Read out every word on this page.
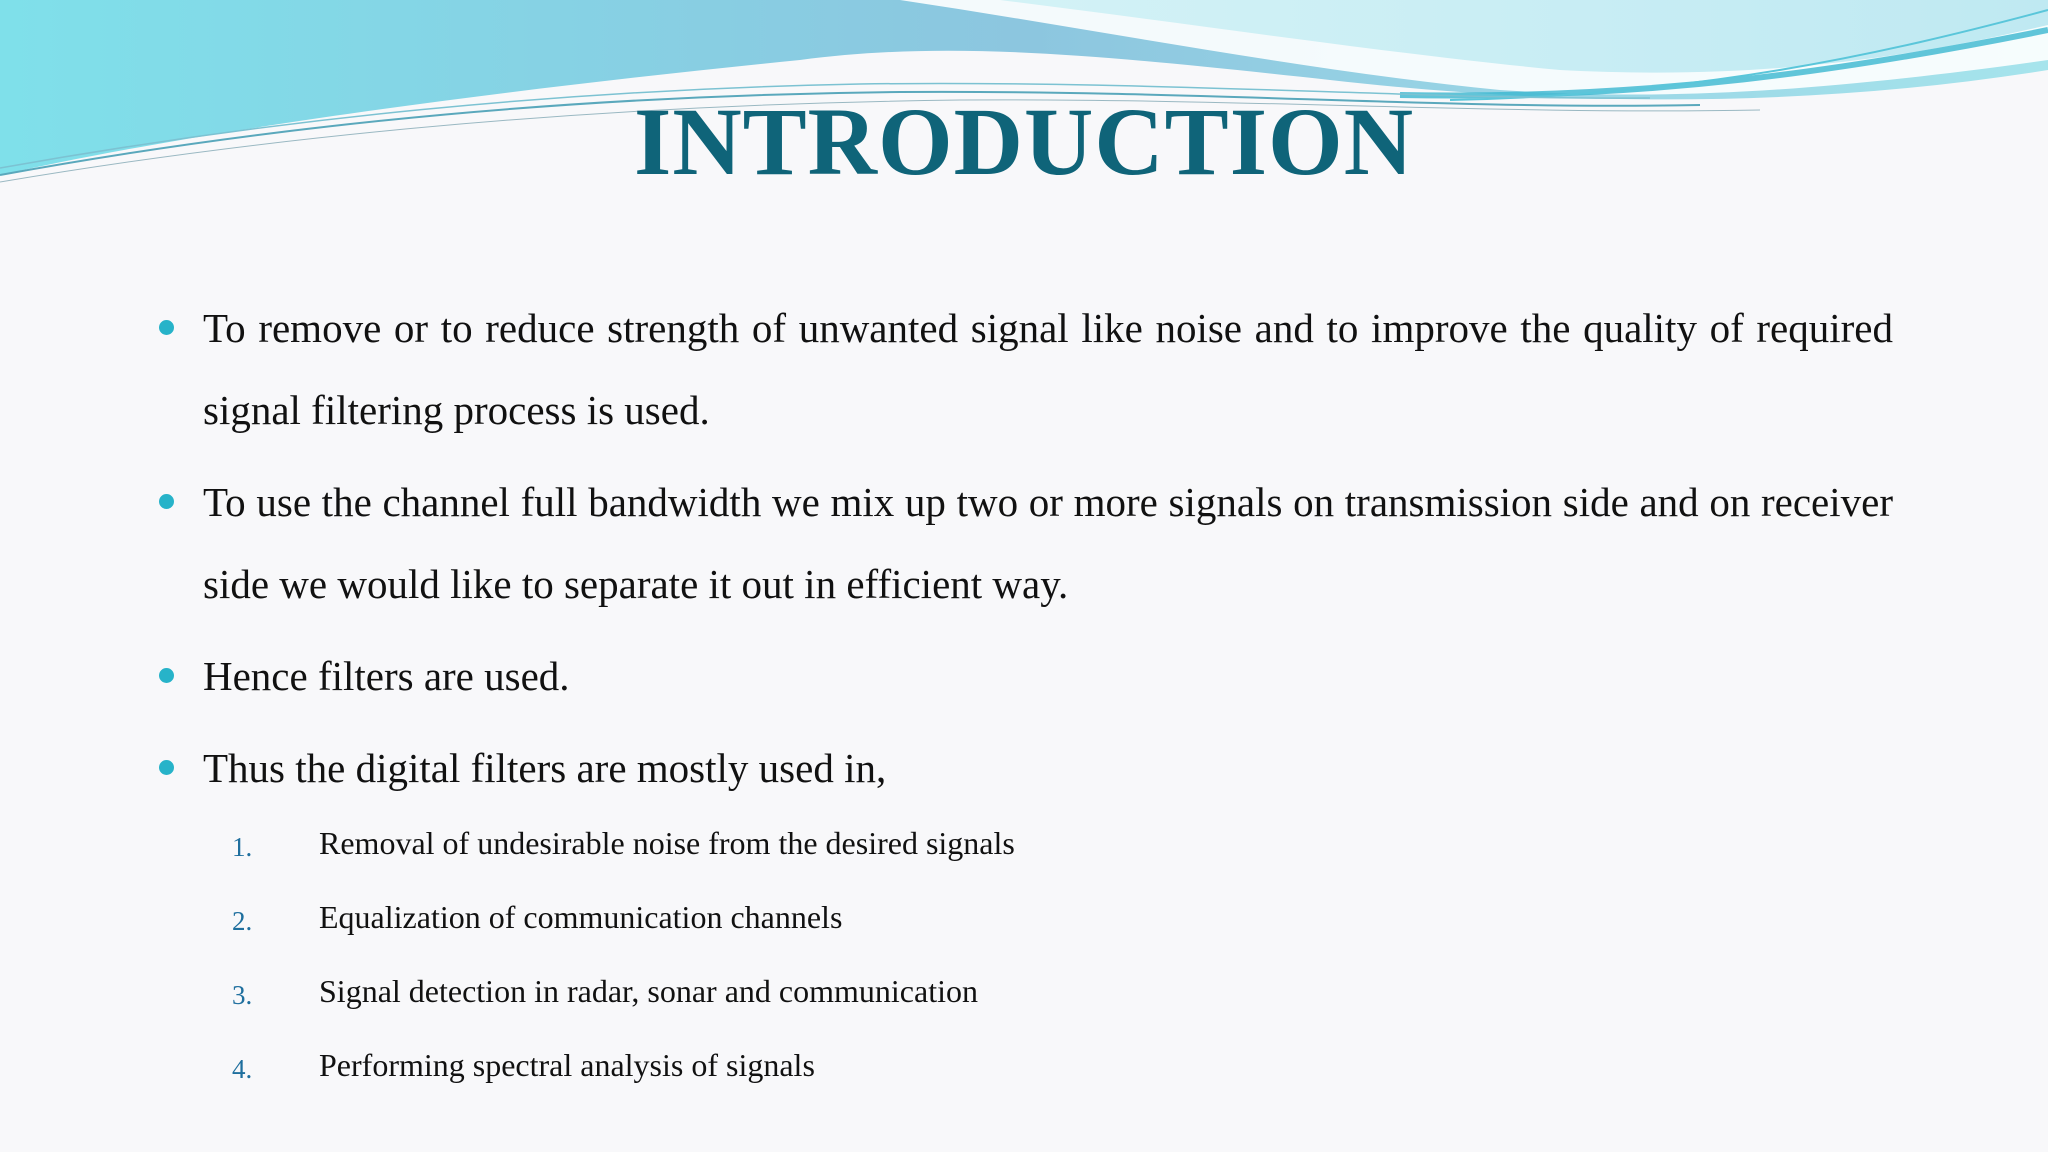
INTRODUCTION
To remove or to reduce strength of unwanted signal like noise and to improve the quality of required signal filtering process is used.
To use the channel full bandwidth we mix up two or more signals on transmission side and on receiver side we would like to separate it out in efficient way.
Hence filters are used.
Thus the digital filters are mostly used in,
1. Removal of undesirable noise from the desired signals
2. Equalization of communication channels
3. Signal detection in radar, sonar and communication
4. Performing spectral analysis of signals
